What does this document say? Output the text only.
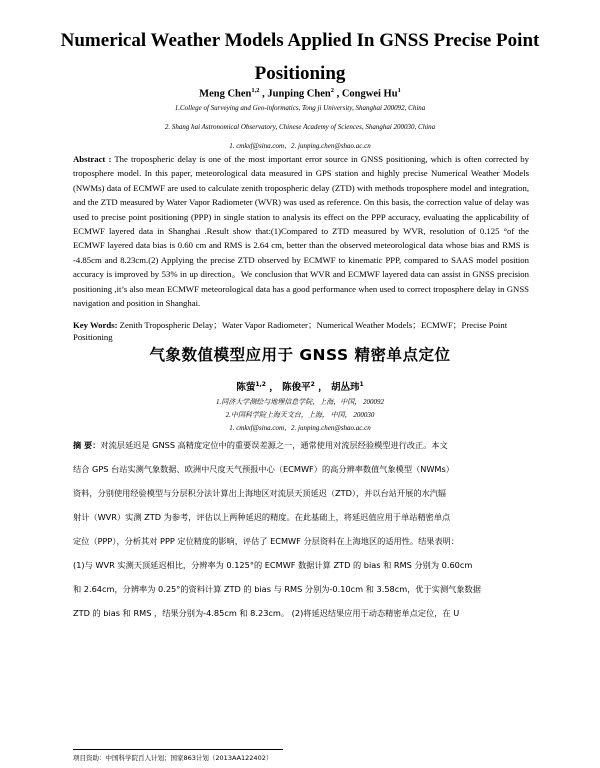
Numerical Weather Models Applied In GNSS Precise Point Positioning
Meng Chen$^{1,2}$ , Junping Chen$^2$ , Congwei Hu$^1$
1.College of Surveying and Geo-informatics, Tong ji University, Shanghai 200092, China
2. Shang hai Astronomical Observatory, Chinese Academy of Sciences, Shanghai 200030, China
1. cmkxf@sina.com、2. junping.chen@shao.ac.cn
Abstract : The tropospheric delay is one of the most important error source in GNSS positioning, which is often corrected by troposphere model. In this paper, meteorological data measured in GPS station and highly precise Numerical Weather Models (NWMs) data of ECMWF are used to calculate zenith tropospheric delay (ZTD) with methods troposphere model and integration, and the ZTD measured by Water Vapor Radiometer (WVR) was used as reference. On this basis, the correction value of delay was used to precise point positioning (PPP) in single station to analysis its effect on the PPP accuracy, evaluating the applicability of ECMWF layered data in Shanghai .Result show that:(1)Compared to ZTD measured by WVR, resolution of 0.125 °of the ECMWF layered data bias is 0.60 cm and RMS is 2.64 cm, better than the observed meteorological data whose bias and RMS is -4.85cm and 8.23cm.(2) Applying the precise ZTD observed by ECMWF to kinematic PPP, compared to SAAS model position accuracy is improved by 53% in up direction。We conclusion that WVR and ECMWF layered data can assist in GNSS precision positioning ,it’s also mean ECMWF meteorological data has a good performance when used to correct troposphere delay in GNSS navigation and position in Shanghai.
Key Words: Zenith Tropospheric Delay；Water Vapor Radiometer；Numerical Weather Models；ECMWF；Precise Point Positioning
气象数值模型应用于 GNSS 精密单点定位
陈萤$^{1,2}$ ， 陈俊平$^2$ ， 胡丛玮$^1$
1.同济大学测绘与地理信息学院，上海，中国， 200092
2.中国科学院上海天文台，上海， 中国， 200030
1. cmkxf@sina.com、2. junping.chen@shao.ac.cn
摘 要：对流层延迟是 GNSS 高精度定位中的重要误差源之一，通常使用对流层经验模型进行改正。本文
结合 GPS 台站实测气象数据、欧洲中尺度天气预报中心（ECMWF）的高分辨率数值气象模型（NWMs）
资料，分别使用经验模型与分层积分法计算出上海地区对流层天顶延迟（ZTD），并以台站开展的水汽辐
射计（WVR）实测 ZTD 为参考，评估以上两种延迟的精度。在此基础上，将延迟值应用于单站精密单点
定位（PPP），分析其对 PPP 定位精度的影响，评估了 ECMWF 分层资料在上海地区的适用性。结果表明：
(1)与 WVR 实测天顶延迟相比，分辨率为 0.125°的 ECMWF 数据计算 ZTD 的 bias 和 RMS 分别为 0.60cm
和 2.64cm，分辨率为 0.25°的资料计算 ZTD 的 bias 与 RMS 分别为-0.10cm 和 3.58cm，优于实测气象数据
ZTD 的 bias 和 RMS ，结果分别为-4.85cm 和 8.23cm。 (2)将延迟结果应用于动态精密单点定位，在 U
项目资助：中国科学院百人计划；国家863计划（2013AA122402）
